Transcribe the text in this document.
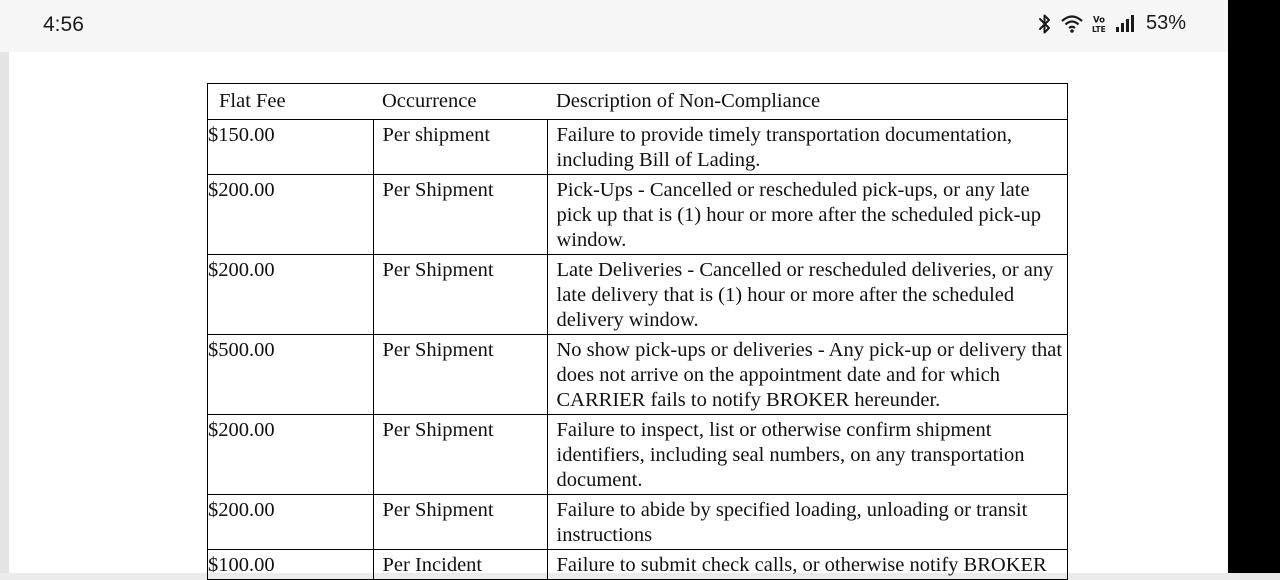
4:56	Vo
LTE 53%
Flat Fee	Occurrence	Description of Non-Compliance
$150.00	Per shipment	Failure to provide timely transportation documentation, including Bill of Lading.
$200.00	Per Shipment	Pick-Ups - Cancelled or rescheduled pick-ups, or any late pick up that is (1) hour or more after the scheduled pick-up window.
$200.00	Per Shipment	Late Deliveries - Cancelled or rescheduled deliveries, or any late delivery that is (1) hour or more after the scheduled delivery window.
$500.00	Per Shipment	No show pick-ups or deliveries - Any pick-up or delivery that does not arrive on the appointment date and for which CARRIER fails to notify BROKER hereunder.
$200.00	Per Shipment	Failure to inspect, list or otherwise confirm shipment identifiers, including seal numbers, on any transportation document.
$200.00	Per Shipment	Failure to abide by specified loading, unloading or transit instructions
$100.00	Per Incident	Failure to submit check calls, or otherwise notify BROKER
